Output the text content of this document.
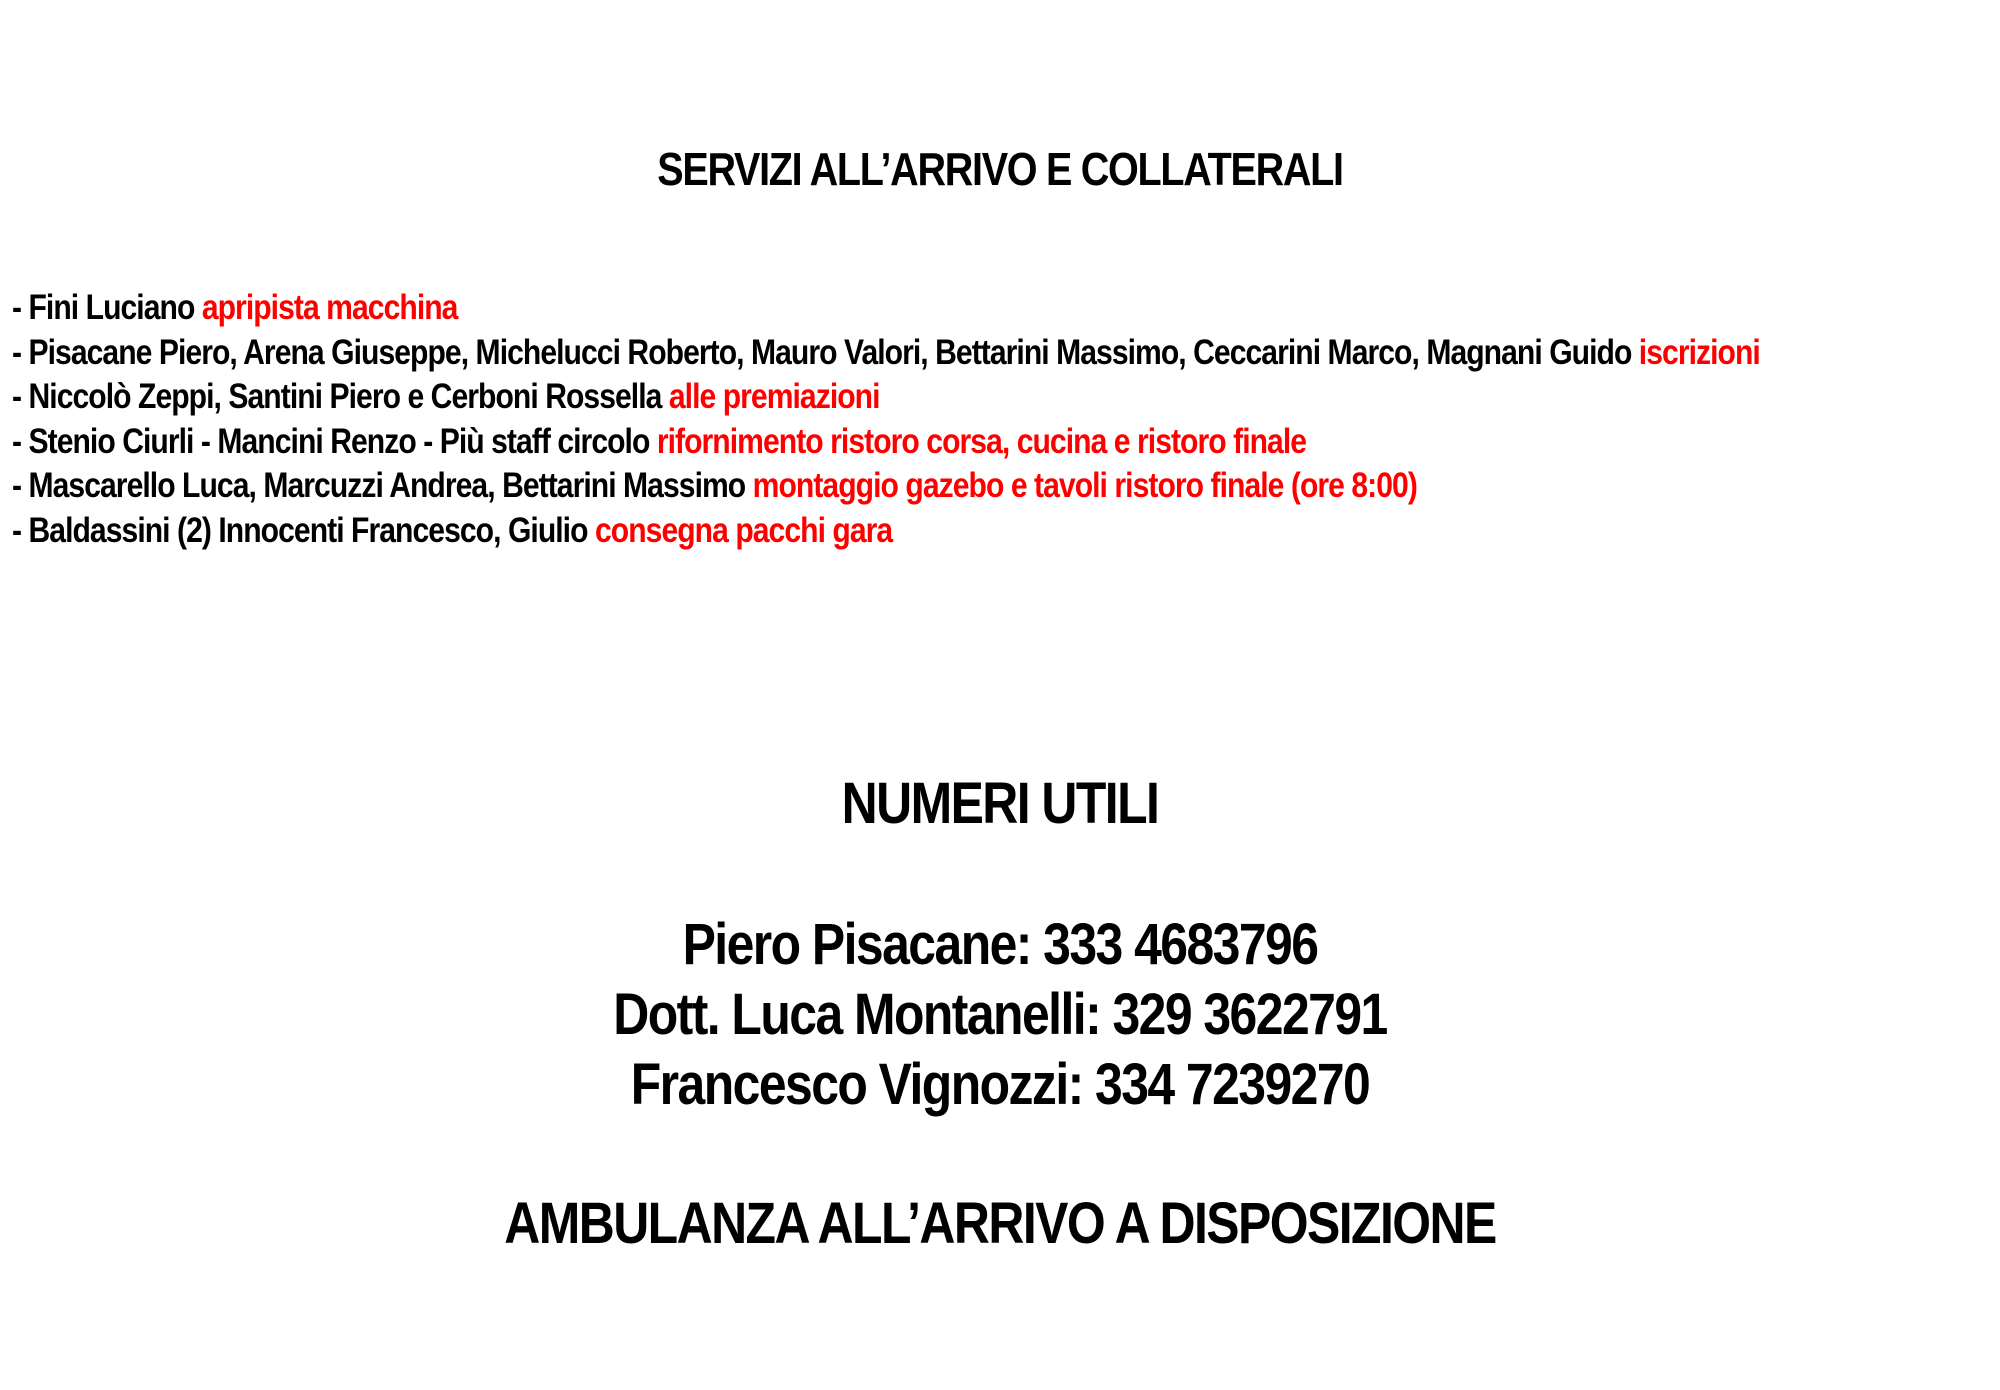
SERVIZI ALL’ARRIVO E COLLATERALI
- Fini Luciano apripista macchina
- Pisacane Piero, Arena Giuseppe, Michelucci Roberto, Mauro Valori, Bettarini Massimo, Ceccarini Marco, Magnani Guido iscrizioni
- Niccolò Zeppi, Santini Piero e Cerboni Rossella alle premiazioni
- Stenio Ciurli - Mancini Renzo - Più staff circolo rifornimento ristoro corsa, cucina e ristoro finale
- Mascarello Luca, Marcuzzi Andrea, Bettarini Massimo montaggio gazebo e tavoli ristoro finale (ore 8:00)
- Baldassini (2) Innocenti Francesco, Giulio consegna pacchi gara
NUMERI UTILI
Piero Pisacane: 333 4683796
Dott. Luca Montanelli: 329 3622791
Francesco Vignozzi: 334 7239270
AMBULANZA ALL’ARRIVO A DISPOSIZIONE
